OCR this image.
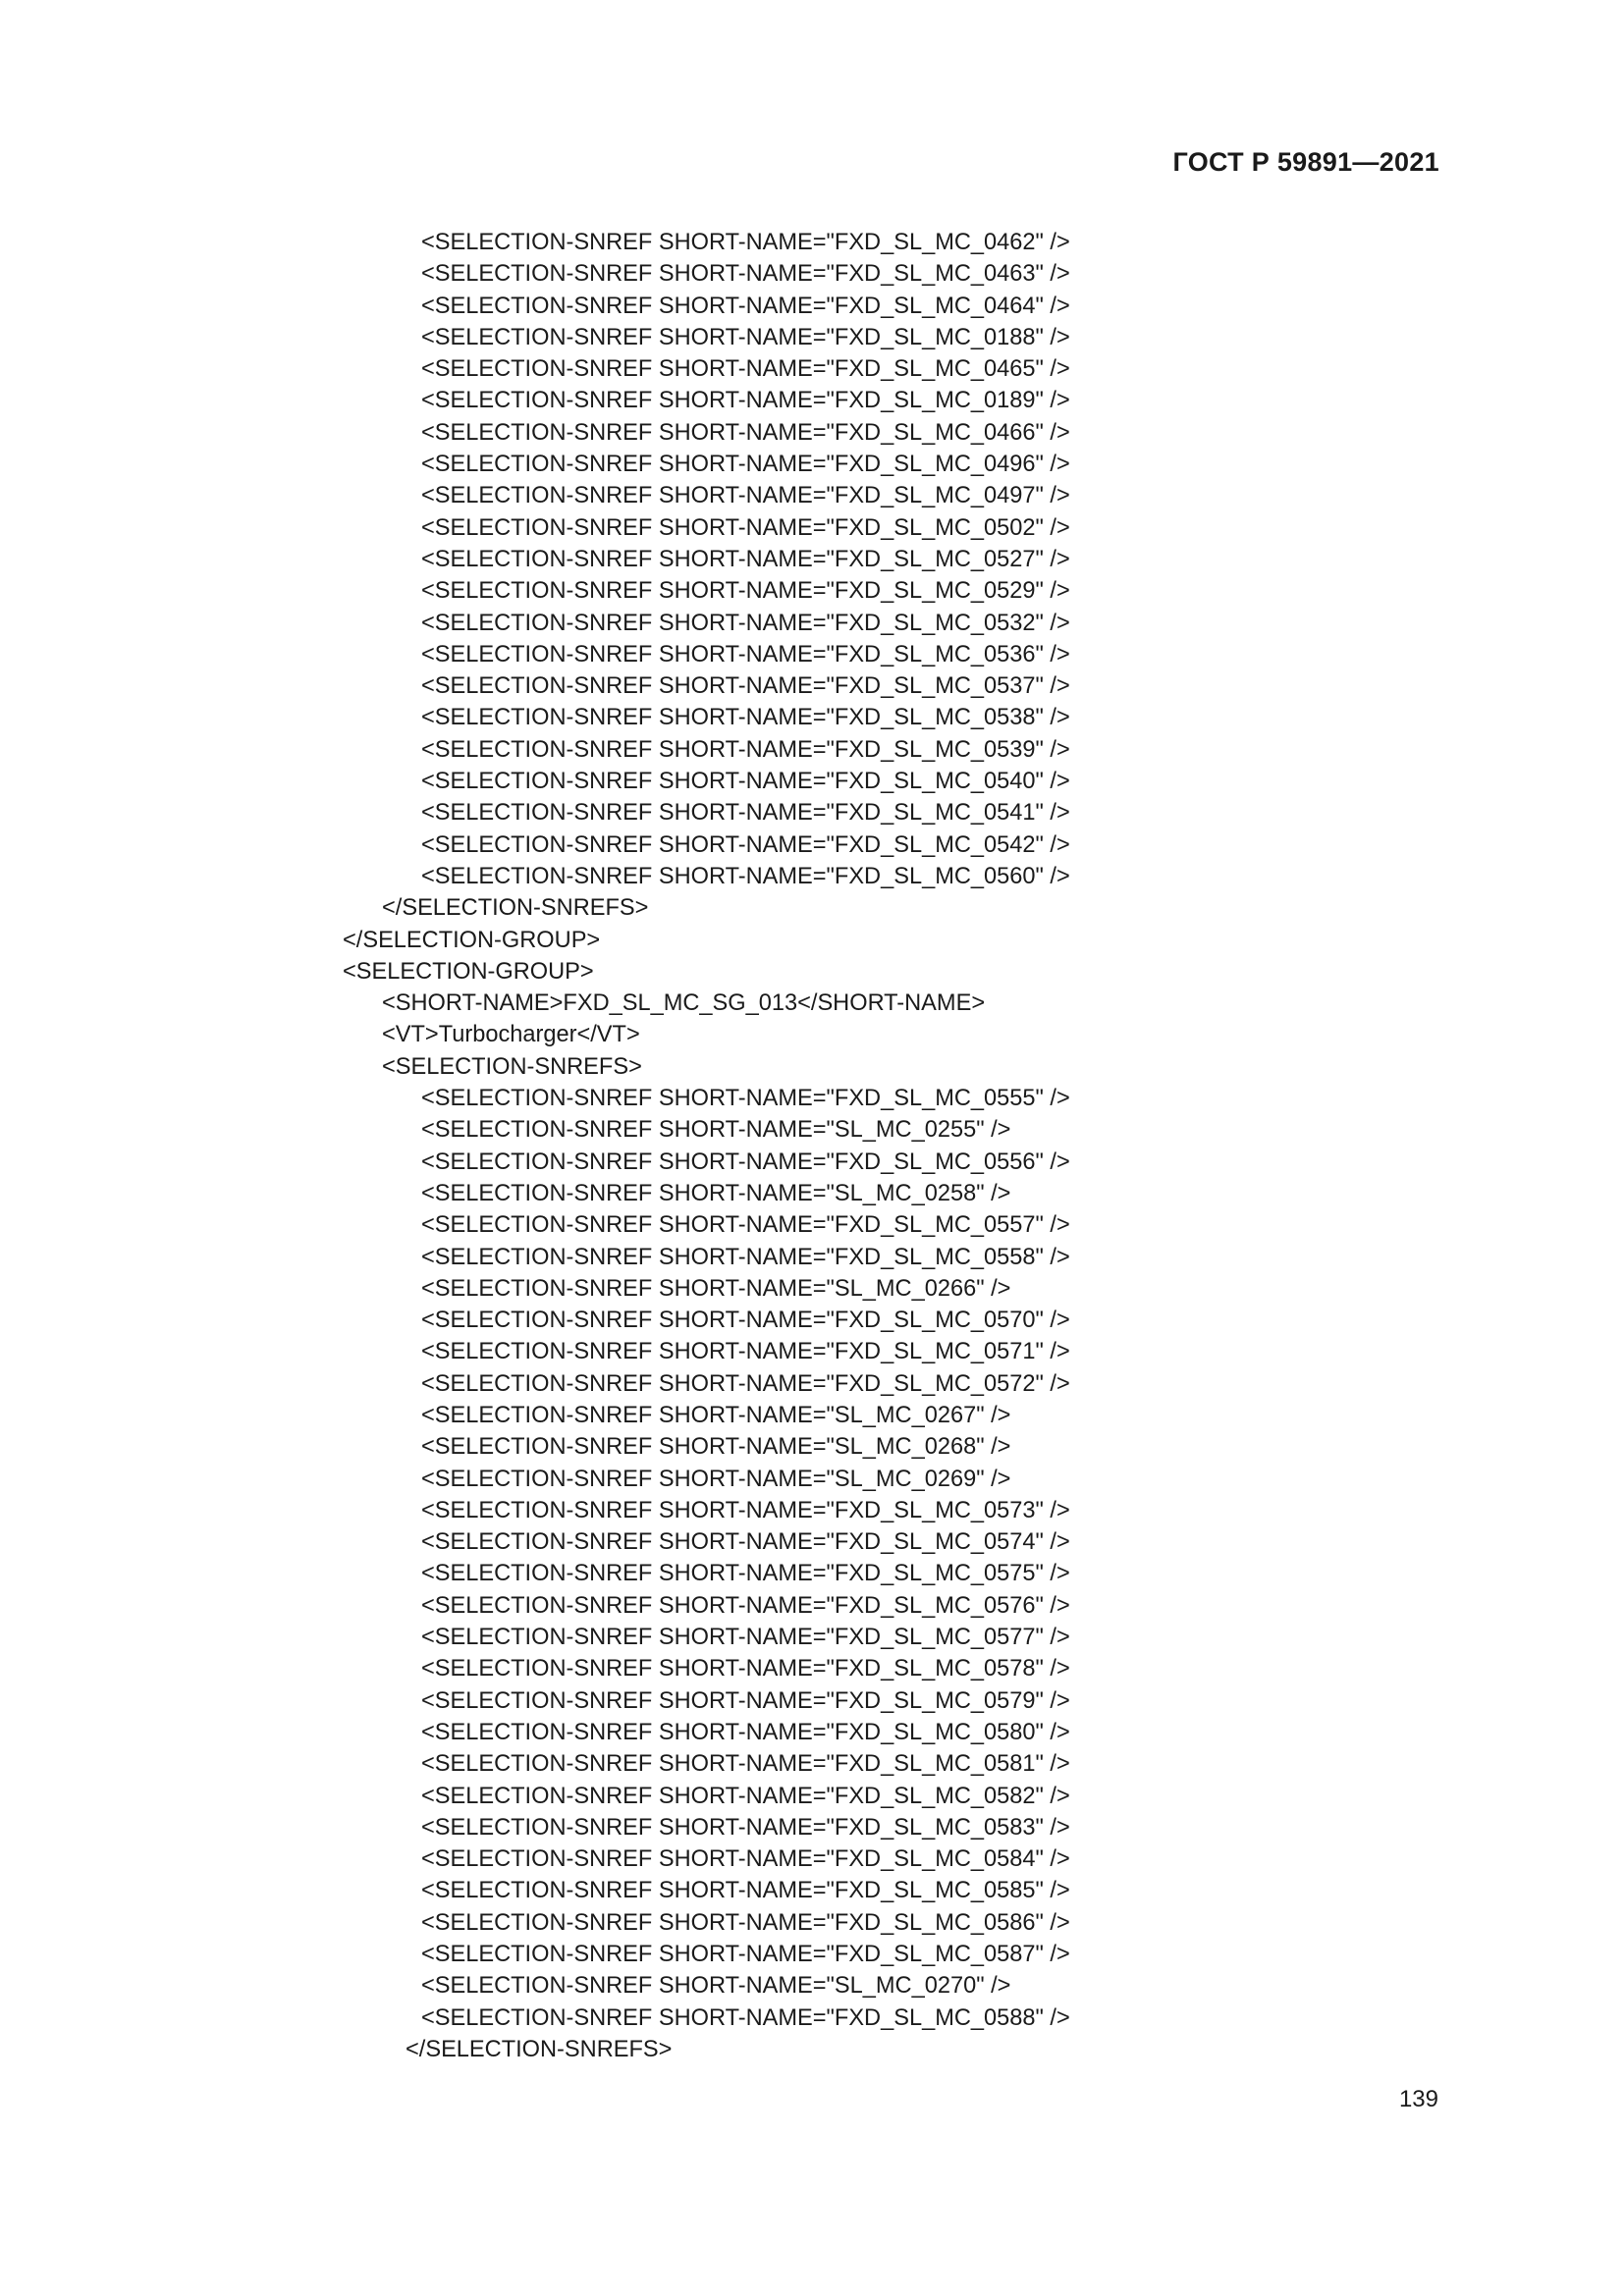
ГОСТ Р 59891—2021
<SELECTION-SNREF SHORT-NAME="FXD_SL_MC_0462" />
<SELECTION-SNREF SHORT-NAME="FXD_SL_MC_0463" />
<SELECTION-SNREF SHORT-NAME="FXD_SL_MC_0464" />
<SELECTION-SNREF SHORT-NAME="FXD_SL_MC_0188" />
<SELECTION-SNREF SHORT-NAME="FXD_SL_MC_0465" />
<SELECTION-SNREF SHORT-NAME="FXD_SL_MC_0189" />
<SELECTION-SNREF SHORT-NAME="FXD_SL_MC_0466" />
<SELECTION-SNREF SHORT-NAME="FXD_SL_MC_0496" />
<SELECTION-SNREF SHORT-NAME="FXD_SL_MC_0497" />
<SELECTION-SNREF SHORT-NAME="FXD_SL_MC_0502" />
<SELECTION-SNREF SHORT-NAME="FXD_SL_MC_0527" />
<SELECTION-SNREF SHORT-NAME="FXD_SL_MC_0529" />
<SELECTION-SNREF SHORT-NAME="FXD_SL_MC_0532" />
<SELECTION-SNREF SHORT-NAME="FXD_SL_MC_0536" />
<SELECTION-SNREF SHORT-NAME="FXD_SL_MC_0537" />
<SELECTION-SNREF SHORT-NAME="FXD_SL_MC_0538" />
<SELECTION-SNREF SHORT-NAME="FXD_SL_MC_0539" />
<SELECTION-SNREF SHORT-NAME="FXD_SL_MC_0540" />
<SELECTION-SNREF SHORT-NAME="FXD_SL_MC_0541" />
<SELECTION-SNREF SHORT-NAME="FXD_SL_MC_0542" />
<SELECTION-SNREF SHORT-NAME="FXD_SL_MC_0560" />
</SELECTION-SNREFS>
</SELECTION-GROUP>
<SELECTION-GROUP>
<SHORT-NAME>FXD_SL_MC_SG_013</SHORT-NAME>
<VT>Turbocharger</VT>
<SELECTION-SNREFS>
<SELECTION-SNREF SHORT-NAME="FXD_SL_MC_0555" />
<SELECTION-SNREF SHORT-NAME="SL_MC_0255" />
<SELECTION-SNREF SHORT-NAME="FXD_SL_MC_0556" />
<SELECTION-SNREF SHORT-NAME="SL_MC_0258" />
<SELECTION-SNREF SHORT-NAME="FXD_SL_MC_0557" />
<SELECTION-SNREF SHORT-NAME="FXD_SL_MC_0558" />
<SELECTION-SNREF SHORT-NAME="SL_MC_0266" />
<SELECTION-SNREF SHORT-NAME="FXD_SL_MC_0570" />
<SELECTION-SNREF SHORT-NAME="FXD_SL_MC_0571" />
<SELECTION-SNREF SHORT-NAME="FXD_SL_MC_0572" />
<SELECTION-SNREF SHORT-NAME="SL_MC_0267" />
<SELECTION-SNREF SHORT-NAME="SL_MC_0268" />
<SELECTION-SNREF SHORT-NAME="SL_MC_0269" />
<SELECTION-SNREF SHORT-NAME="FXD_SL_MC_0573" />
<SELECTION-SNREF SHORT-NAME="FXD_SL_MC_0574" />
<SELECTION-SNREF SHORT-NAME="FXD_SL_MC_0575" />
<SELECTION-SNREF SHORT-NAME="FXD_SL_MC_0576" />
<SELECTION-SNREF SHORT-NAME="FXD_SL_MC_0577" />
<SELECTION-SNREF SHORT-NAME="FXD_SL_MC_0578" />
<SELECTION-SNREF SHORT-NAME="FXD_SL_MC_0579" />
<SELECTION-SNREF SHORT-NAME="FXD_SL_MC_0580" />
<SELECTION-SNREF SHORT-NAME="FXD_SL_MC_0581" />
<SELECTION-SNREF SHORT-NAME="FXD_SL_MC_0582" />
<SELECTION-SNREF SHORT-NAME="FXD_SL_MC_0583" />
<SELECTION-SNREF SHORT-NAME="FXD_SL_MC_0584" />
<SELECTION-SNREF SHORT-NAME="FXD_SL_MC_0585" />
<SELECTION-SNREF SHORT-NAME="FXD_SL_MC_0586" />
<SELECTION-SNREF SHORT-NAME="FXD_SL_MC_0587" />
<SELECTION-SNREF SHORT-NAME="SL_MC_0270" />
<SELECTION-SNREF SHORT-NAME="FXD_SL_MC_0588" />
</SELECTION-SNREFS>
139
